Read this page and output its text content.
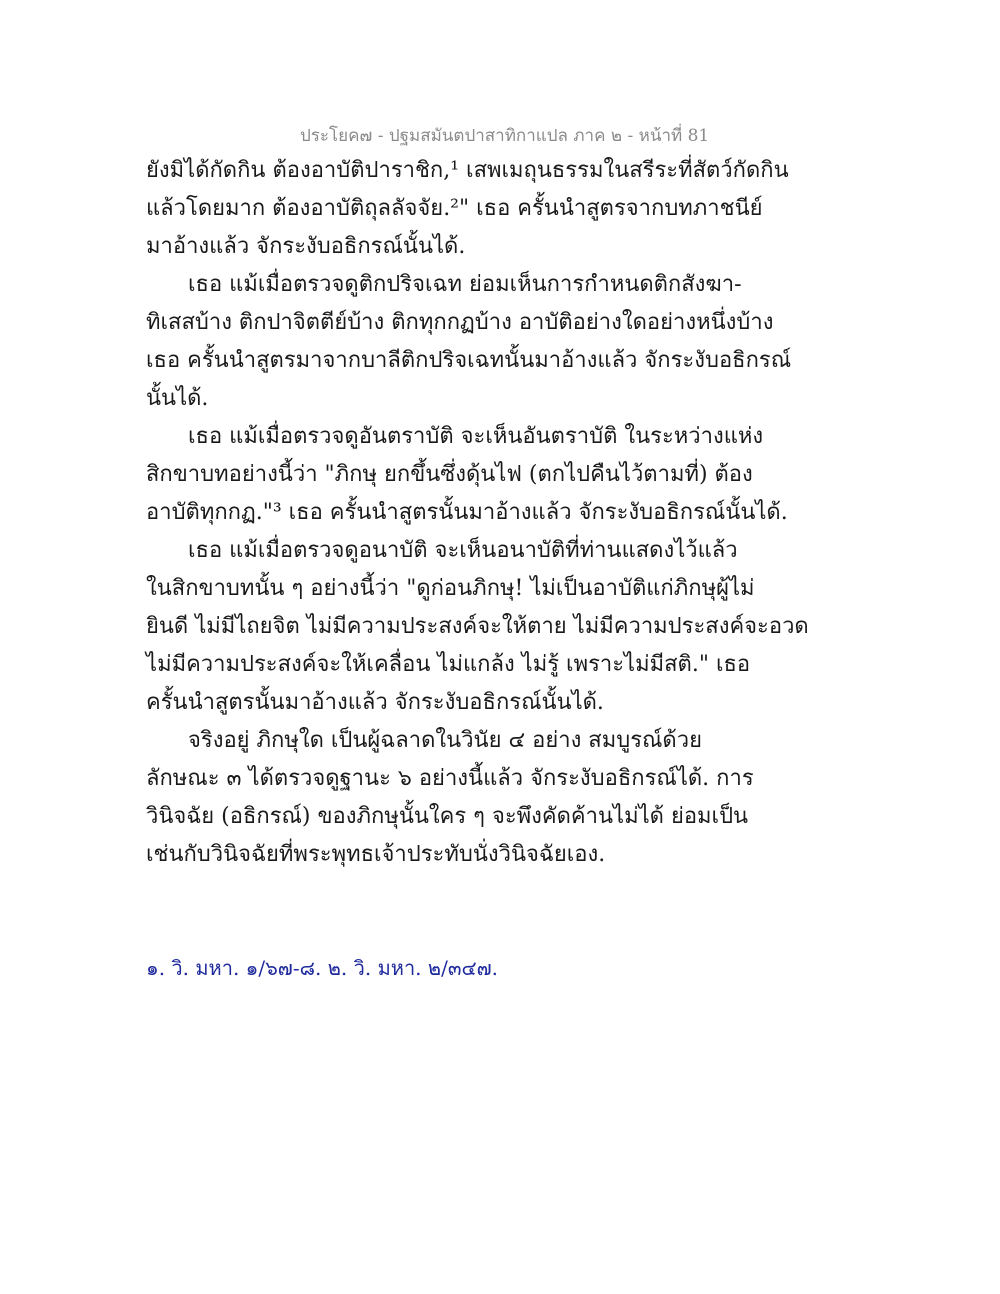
ประโยค๗ - ปฐมสมันตปาสาทิกาแปล ภาค ๒ - หน้าที่ 81
ยังมิได้กัดกิน ต้องอาบัติปาราชิก,¹ เสพเมถุนธรรมในสรีระที่สัตว์กัดกิน
แล้วโดยมาก ต้องอาบัติถุลลัจจัย.²" เธอ ครั้นนำสูตรจากบทภาชนีย์
มาอ้างแล้ว จักระงับอธิกรณ์นั้นได้.
เธอ แม้เมื่อตรวจดูติกปริจเฉท ย่อมเห็นการกำหนดติกสังฆา-
ทิเสสบ้าง ติกปาจิตตีย์บ้าง ติกทุกกฏบ้าง อาบัติอย่างใดอย่างหนึ่งบ้าง
เธอ ครั้นนำสูตรมาจากบาลีติกปริจเฉทนั้นมาอ้างแล้ว จักระงับอธิกรณ์
นั้นได้.
เธอ แม้เมื่อตรวจดูอันตราบัติ จะเห็นอันตราบัติ ในระหว่างแห่ง
สิกขาบทอย่างนี้ว่า "ภิกษุ ยกขึ้นซึ่งดุ้นไฟ (ตกไปคืนไว้ตามที่) ต้อง
อาบัติทุกกฏ."³ เธอ ครั้นนำสูตรนั้นมาอ้างแล้ว จักระงับอธิกรณ์นั้นได้.
เธอ แม้เมื่อตรวจดูอนาบัติ จะเห็นอนาบัติที่ท่านแสดงไว้แล้ว
ในสิกขาบทนั้น ๆ อย่างนี้ว่า "ดูก่อนภิกษุ! ไม่เป็นอาบัติแก่ภิกษุผู้ไม่
ยินดี ไม่มีไถยจิต ไม่มีความประสงค์จะให้ตาย ไม่มีความประสงค์จะอวด
ไม่มีความประสงค์จะให้เคลื่อน ไม่แกล้ง ไม่รู้ เพราะไม่มีสติ." เธอ
ครั้นนำสูตรนั้นมาอ้างแล้ว จักระงับอธิกรณ์นั้นได้.
จริงอยู่ ภิกษุใด เป็นผู้ฉลาดในวินัย ๔ อย่าง สมบูรณ์ด้วย
ลักษณะ ๓ ได้ตรวจดูฐานะ ๖ อย่างนี้แล้ว จักระงับอธิกรณ์ได้. การ
วินิจฉัย (อธิกรณ์) ของภิกษุนั้นใคร ๆ จะพึงคัดค้านไม่ได้ ย่อมเป็น
เช่นกับวินิจฉัยที่พระพุทธเจ้าประทับนั่งวินิจฉัยเอง.
๑. วิ. มหา. ๑/๖๗-๘. ๒. วิ. มหา. ๒/๓๔๗.
